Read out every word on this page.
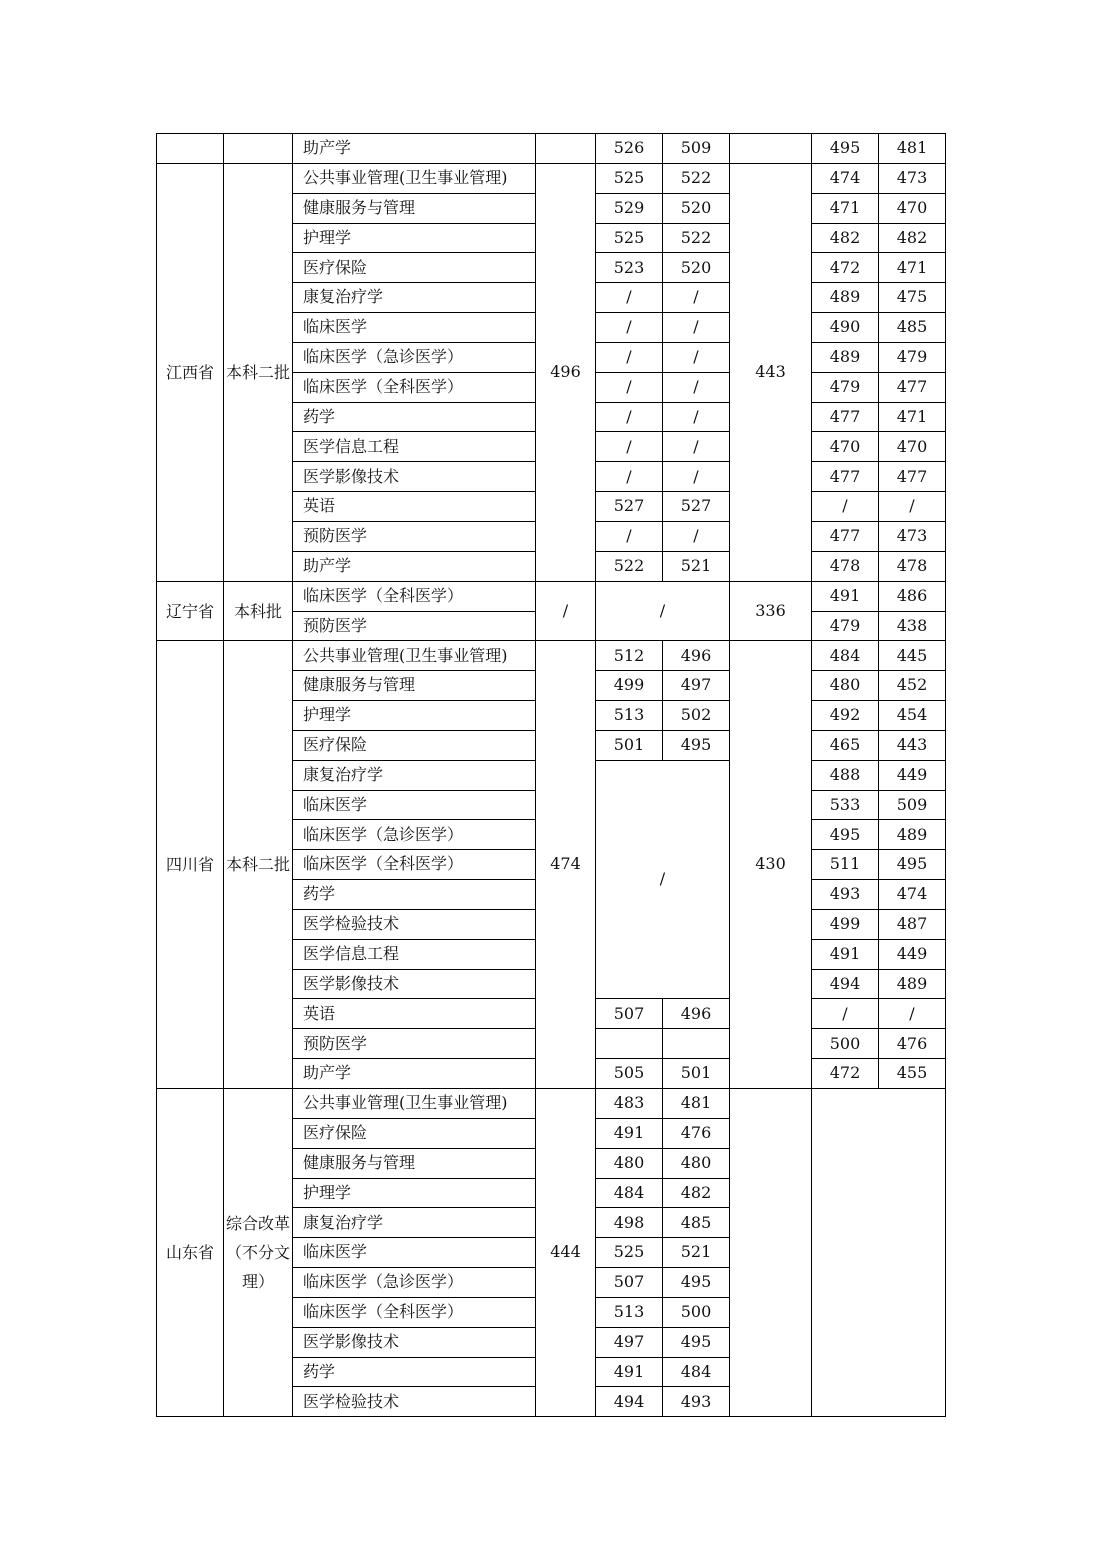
		助产学		526	509		495	481
江西省	本科二批	公共事业管理(卫生事业管理)	496	525	522	443	474	473
		健康服务与管理		529	520		471	470
		护理学		525	522		482	482
		医疗保险		523	520		472	471
		康复治疗学		/	/		489	475
		临床医学		/	/		490	485
		临床医学（急诊医学）		/	/		489	479
		临床医学（全科医学）		/	/		479	477
		药学		/	/		477	471
		医学信息工程		/	/		470	470
		医学影像技术		/	/		477	477
		英语		527	527		/	/
		预防医学		/	/		477	473
		助产学		522	521		478	478
辽宁省	本科批	临床医学（全科医学）	/	/		336	491	486
		预防医学					479	438
四川省	本科二批	公共事业管理(卫生事业管理)	474	512	496	430	484	445
		健康服务与管理		499	497		480	452
		护理学		513	502		492	454
		医疗保险		501	495		465	443
		康复治疗学		/			488	449
		临床医学					533	509
		临床医学（急诊医学）					495	489
		临床医学（全科医学）					511	495
		药学					493	474
		医学检验技术					499	487
		医学信息工程					491	449
		医学影像技术					494	489
		英语		507	496		/	/
		预防医学					500	476
		助产学		505	501		472	455
山东省	综合改革（不分文理）	公共事业管理(卫生事业管理)	444	483	481			
		医疗保险		491	476			
		健康服务与管理		480	480			
		护理学		484	482			
		康复治疗学		498	485			
		临床医学		525	521			
		临床医学（急诊医学）		507	495			
		临床医学（全科医学）		513	500			
		医学影像技术		497	495			
		药学		491	484			
		医学检验技术		494	493			
